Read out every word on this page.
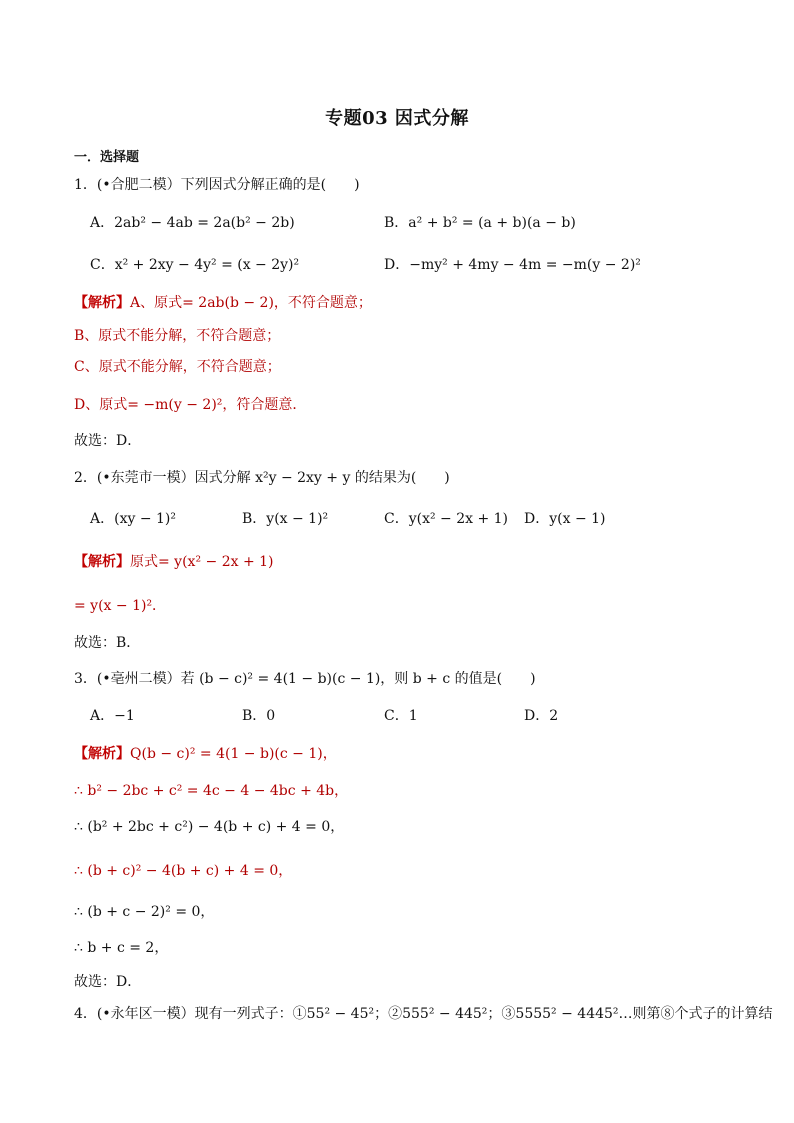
专题03 因式分解
一．选择题
1．(•合肥二模）下列因式分解正确的是(　　)
A．2ab² − 4ab = 2a(b² − 2b)	B．a² + b² = (a + b)(a − b)
C．x² + 2xy − 4y² = (x − 2y)²	D．−my² + 4my − 4m = −m(y − 2)²
【解析】A、原式= 2ab(b − 2)，不符合题意；
B、原式不能分解，不符合题意；
C、原式不能分解，不符合题意；
D、原式= −m(y − 2)²，符合题意．
故选：D．
2．(•东莞市一模）因式分解 x²y − 2xy + y 的结果为(　　)
A．(xy − 1)²	B．y(x − 1)²	C．y(x² − 2x + 1) D．y(x − 1)
【解析】原式= y(x² − 2x + 1)
= y(x − 1)²．
故选：B．
3．(•亳州二模）若 (b − c)² = 4(1 − b)(c − 1)，则 b + c 的值是(　　)
A．−1	B．0	C．1	D．2
【解析】Q(b − c)² = 4(1 − b)(c − 1)，
∴ b² − 2bc + c² = 4c − 4 − 4bc + 4b，
∴ (b² + 2bc + c²) − 4(b + c) + 4 = 0，
∴ (b + c)² − 4(b + c) + 4 = 0，
∴ (b + c − 2)² = 0，
∴ b + c = 2，
故选：D．
4．(•永年区一模）现有一列式子：①55² − 45²；②555² − 445²；③5555² − 4445²…则第⑧个式子的计算结
